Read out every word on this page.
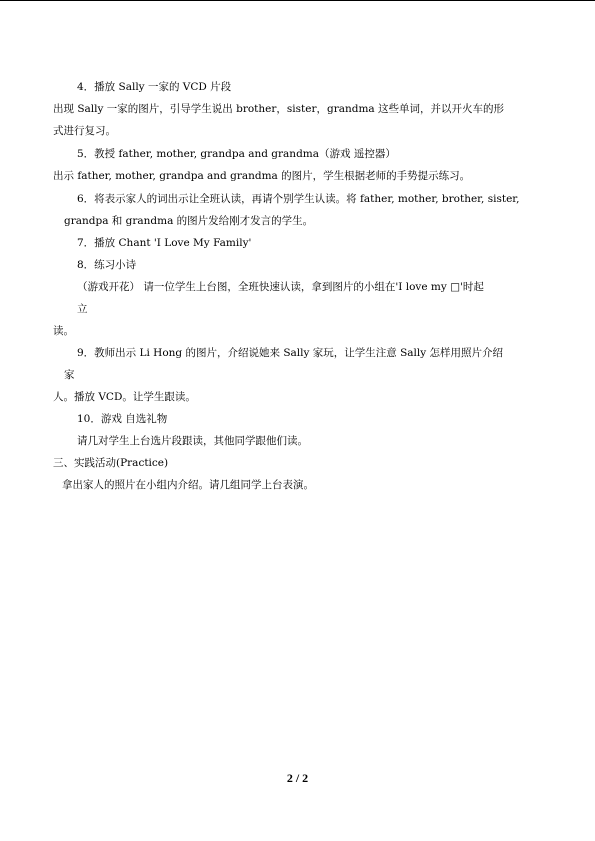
4．播放 Sally 一家的 VCD 片段
出现 Sally 一家的图片，引导学生说出 brother，sister，grandma 这些单词，并以开火车的形
式进行复习。
5．教授 father, mother, grandpa and grandma（游戏 遥控器）
出示 father, mother, grandpa and grandma 的图片，学生根据老师的手势提示练习。
6．将表示家人的词出示让全班认读，再请个别学生认读。将 father, mother, brother, sister,
grandpa 和 grandma 的图片发给刚才发言的学生。
7．播放 Chant 'I Love My Family'
8．练习小诗
（游戏开花） 请一位学生上台图，全班快速认读，拿到图片的小组在'I love my □'时起
立
读。
9．教师出示 Li Hong 的图片，介绍说她来 Sally 家玩，让学生注意 Sally 怎样用照片介绍
家
人。播放 VCD。让学生跟读。
10．游戏 自选礼物
请几对学生上台选片段跟读，其他同学跟他们读。
三、实践活动(Practice)
拿出家人的照片在小组内介绍。请几组同学上台表演。
2 / 2
